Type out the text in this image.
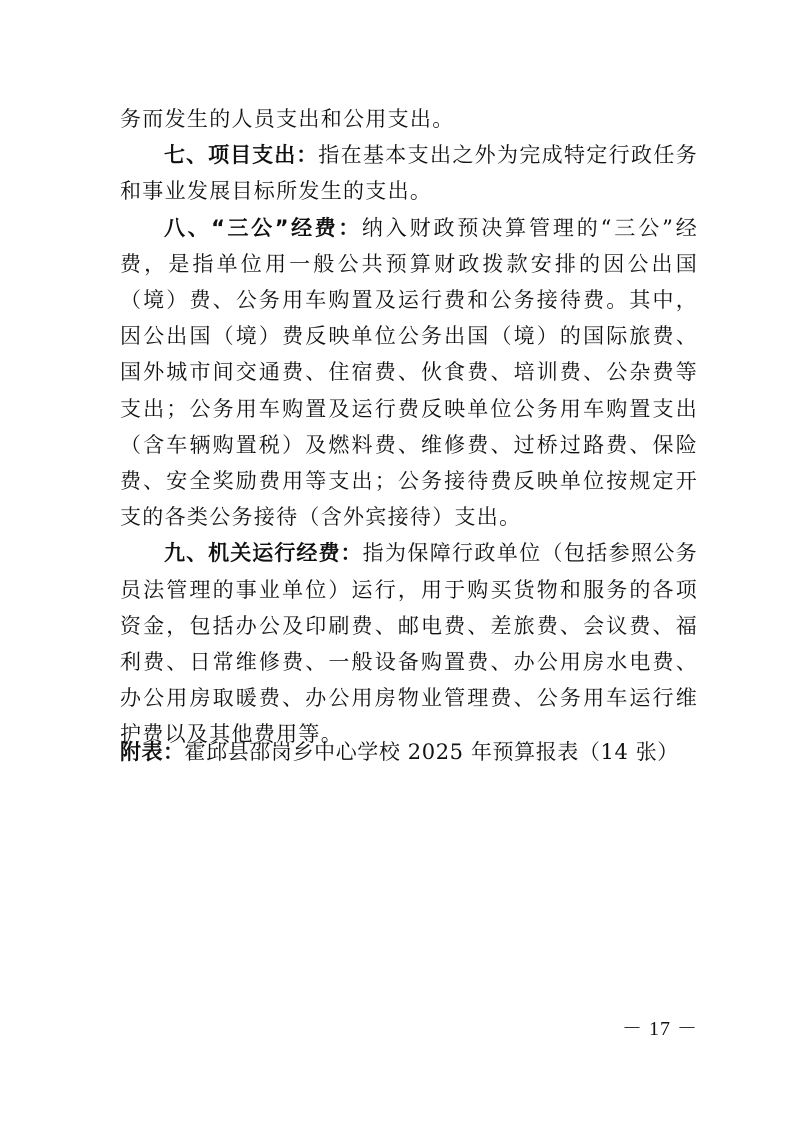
务而发生的人员支出和公用支出。

七、项目支出：指在基本支出之外为完成特定行政任务和事业发展目标所发生的支出。

八、“三公”经费：纳入财政预决算管理的“三公”经费，是指单位用一般公共预算财政拨款安排的因公出国（境）费、公务用车购置及运行费和公务接待费。其中，因公出国（境）费反映单位公务出国（境）的国际旅费、国外城市间交通费、住宿费、伙食费、培训费、公杂费等支出；公务用车购置及运行费反映单位公务用车购置支出（含车辆购置税）及燃料费、维修费、过桥过路费、保险费、安全奖励费用等支出；公务接待费反映单位按规定开支的各类公务接待（含外宾接待）支出。

九、机关运行经费：指为保障行政单位（包括参照公务员法管理的事业单位）运行，用于购买货物和服务的各项资金，包括办公及印刷费、邮电费、差旅费、会议费、福利费、日常维修费、一般设备购置费、办公用房水电费、办公用房取暖费、办公用房物业管理费、公务用车运行维护费以及其他费用等。

附表：霍邱县邵岗乡中心学校 2025 年预算报表（14 张）

－ 17 －
